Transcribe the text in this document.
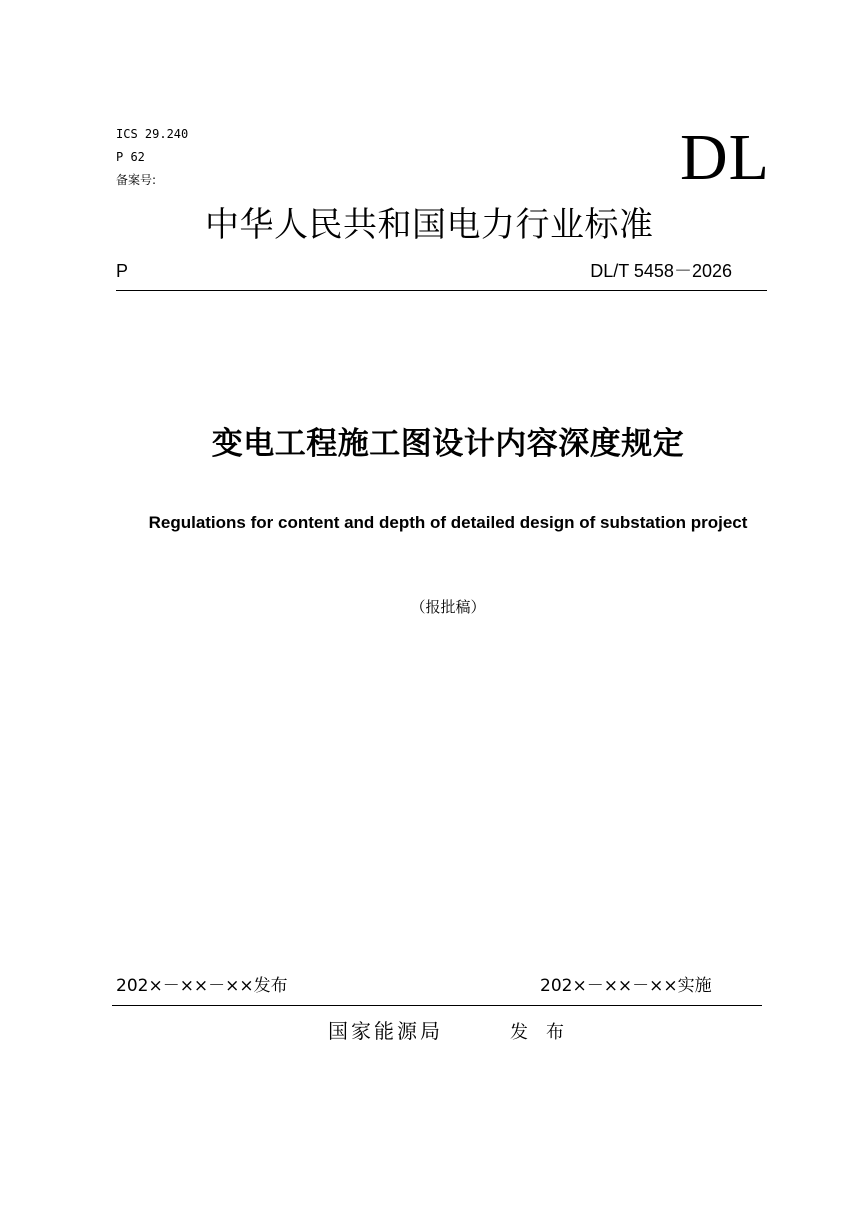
ICS 29.240
P 62
备案号:	DL
中华人民共和国电力行业标准
P	DL/T 5458－2026
变电工程施工图设计内容深度规定
Regulations for content and depth of detailed design of substation project
（报批稿）
202×－××－××发布	202×－××－××实施
国家能源局	发布
